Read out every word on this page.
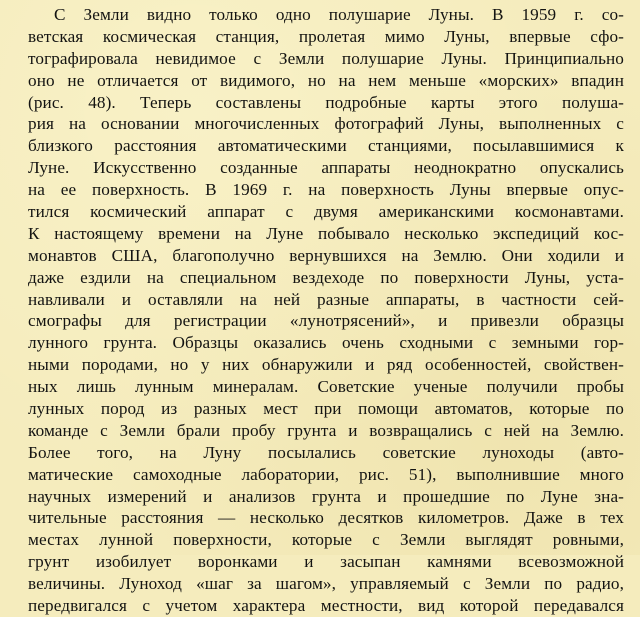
С Земли видно только одно полушарие Луны. В 1959 г. со-
ветская космическая станция, пролетая мимо Луны, впервые сфо-
тографировала невидимое с Земли полушарие Луны. Принципиально
оно не отличается от видимого, но на нем меньше «морских» впадин
(рис. 48). Теперь составлены подробные карты этого полуша-
рия на основании многочисленных фотографий Луны, выполненных с
близкого расстояния автоматическими станциями, посылавшимися к
Луне. Искусственно созданные аппараты неоднократно опускались
на ее поверхность. В 1969 г. на поверхность Луны впервые опус-
тился космический аппарат с двумя американскими космонавтами.
К настоящему времени на Луне побывало несколько экспедиций кос-
монавтов США, благополучно вернувшихся на Землю. Они ходили и
даже ездили на специальном вездеходе по поверхности Луны, уста-
навливали и оставляли на ней разные аппараты, в частности сей-
смографы для регистрации «лунотрясений», и привезли образцы
лунного грунта. Образцы оказались очень сходными с земными гор-
ными породами, но у них обнаружили и ряд особенностей, свойствен-
ных лишь лунным минералам. Советские ученые получили пробы
лунных пород из разных мест при помощи автоматов, которые по
команде с Земли брали пробу грунта и возвращались с ней на Землю.
Более того, на Луну посылались советские луноходы (авто-
матические самоходные лаборатории, рис. 51), выполнившие много
научных измерений и анализов грунта и прошедшие по Луне зна-
чительные расстояния — несколько десятков километров. Даже в тех
местах лунной поверхности, которые с Земли выглядят ровными,
грунт изобилует воронками и засыпан камнями всевозможной
величины. Луноход «шаг за шагом», управляемый с Земли по радио,
передвигался с учетом характера местности, вид которой передавался
